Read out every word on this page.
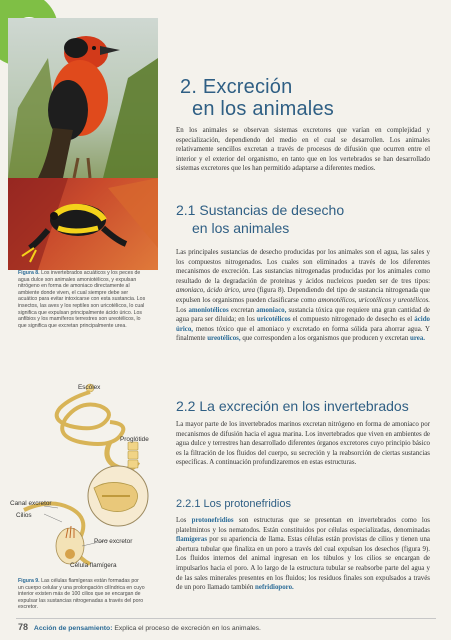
Figura 8. Los invertebrados acuáticos y los peces de agua dulce son animales amoniotélicos, y expulsan nitrógeno en forma de amoniaco directamente al ambiente donde viven, el cual siempre debe ser acuático para evitar intoxicarse con esta sustancia. Los insectos, las aves y los reptiles son uricotélicos, lo cual significa que expulsan principalmente ácido úrico. Los anfibios y los mamíferos terrestres son ureotélicos, lo que significa que excretan principalmente urea.
Escólex
Proglótide
Canal excretor
Cilios
Poro excretor
Célula flamígera
Figura 9. Las células flamígeras están formadas por un cuerpo celular y una prolongación cilíndrica en cuyo interior existen más de 100 cilios que se encargan de expulsar las sustancias nitrogenadas a través del poro excretor.
2. Excreción
en los animales
En los animales se observan sistemas excretores que varían en complejidad y especialización, dependiendo del medio en el cual se desarrollen. Los animales relativamente sencillos excretan a través de procesos de difusión que ocurren entre el interior y el exterior del organismo, en tanto que en los vertebrados se han desarrollado sistemas excretores que les han permitido adaptarse a diferentes medios.
2.1 Sustancias de desecho
en los animales
Las principales sustancias de desecho producidas por los animales son el agua, las sales y los compuestos nitrogenados. Los cuales son eliminados a través de los diferentes mecanismos de excreción. Las sustancias nitrogenadas producidas por los animales como resultado de la degradación de proteínas y ácidos nucleicos pueden ser de tres tipos: amoniaco, ácido úrico, urea (figura 8). Dependiendo del tipo de sustancia nitrogenada que expulsen los organismos pueden clasificarse como amonotélicos, uricotélicos y ureotélicos. Los amoniotélicos excretan amoniaco, sustancia tóxica que requiere una gran cantidad de agua para ser diluida; en los uricotélicos el compuesto nitrogenado de desecho es el ácido úrico, menos tóxico que el amoniaco y excretado en forma sólida para ahorrar agua. Y finalmente ureotélicos, que corresponden a los organismos que producen y excretan urea.
2.2 La excreción en los invertebrados
La mayor parte de los invertebrados marinos excretan nitrógeno en forma de amoniaco por mecanismos de difusión hacia el agua marina. Los invertebrados que viven en ambientes de agua dulce y terrestres han desarrollado diferentes órganos excretores cuyo principio básico es la filtración de los fluidos del cuerpo, su secreción y la reabsorción de ciertas sustancias específicas. A continuación profundizaremos en estas estructuras.
2.2.1 Los protonefridios
Los protonefridios son estructuras que se presentan en invertebrados como los platelmintos y los nematodos. Están constituidos por células especializadas, denominadas flamígeras por su apariencia de llama. Estas células están provistas de cilios y tienen una abertura tubular que finaliza en un poro a través del cual expulsan los desechos (figura 9). Los fluidos internos del animal ingresan en los túbulos y los cilios se encargan de impulsarlos hacia el poro. A lo largo de la estructura tubular se reabsorbe parte del agua y de las sales minerales presentes en los fluidos; los residuos finales son expulsados a través de un poro llamado también nefridioporo.
78 Acción de pensamiento: Explica el proceso de excreción en los animales.
